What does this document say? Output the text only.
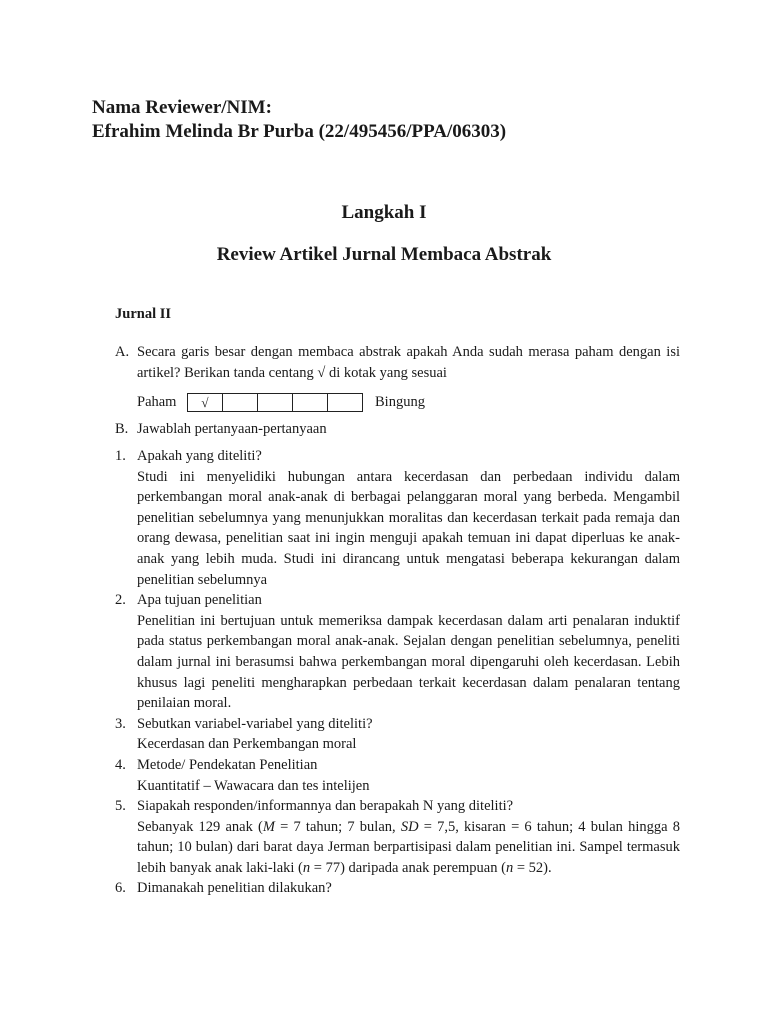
Nama Reviewer/NIM:
Efrahim Melinda Br Purba (22/495456/PPA/06303)
Langkah I
Review Artikel Jurnal Membaca Abstrak
Jurnal II
A. Secara garis besar dengan membaca abstrak apakah Anda sudah merasa paham dengan isi artikel? Berikan tanda centang √ di kotak yang sesuai
Paham	√	Bingung
B. Jawablah pertanyaan-pertanyaan
1. Apakah yang diteliti?
Studi ini menyelidiki hubungan antara kecerdasan dan perbedaan individu dalam perkembangan moral anak-anak di berbagai pelanggaran moral yang berbeda. Mengambil penelitian sebelumnya yang menunjukkan moralitas dan kecerdasan terkait pada remaja dan orang dewasa, penelitian saat ini ingin menguji apakah temuan ini dapat diperluas ke anak-anak yang lebih muda. Studi ini dirancang untuk mengatasi beberapa kekurangan dalam penelitian sebelumnya
2. Apa tujuan penelitian
Penelitian ini bertujuan untuk memeriksa dampak kecerdasan dalam arti penalaran induktif pada status perkembangan moral anak-anak. Sejalan dengan penelitian sebelumnya, peneliti dalam jurnal ini berasumsi bahwa perkembangan moral dipengaruhi oleh kecerdasan. Lebih khusus lagi peneliti mengharapkan perbedaan terkait kecerdasan dalam penalaran tentang penilaian moral.
3. Sebutkan variabel-variabel yang diteliti?
Kecerdasan dan Perkembangan moral
4. Metode/ Pendekatan Penelitian
Kuantitatif – Wawacara dan tes intelijen
5. Siapakah responden/informannya dan berapakah N yang diteliti?
Sebanyak 129 anak (M = 7 tahun; 7 bulan, SD = 7,5, kisaran = 6 tahun; 4 bulan hingga 8 tahun; 10 bulan) dari barat daya Jerman berpartisipasi dalam penelitian ini. Sampel termasuk lebih banyak anak laki-laki (n = 77) daripada anak perempuan (n = 52).
6. Dimanakah penelitian dilakukan?
